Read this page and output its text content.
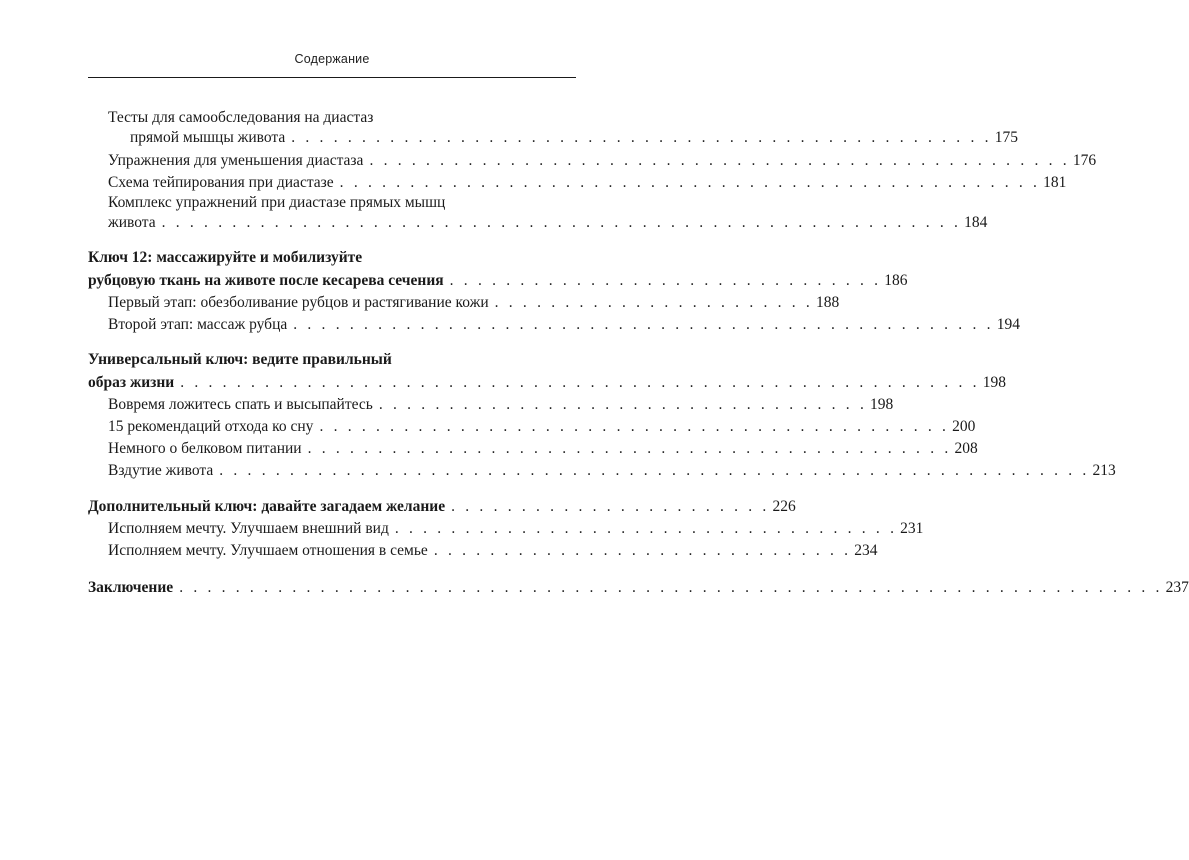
Содержание
Тесты для самообследования на диастаз
прямой мышцы живота . . . . . . . . . . . . . . . . . . . . . . . . . . . . . . . . . . . . . . . . . . . . . . . . . . 175
Упражнения для уменьшения диастаза . . . . . . . . . . . . . . . . . . . . . . . . . . . . . . . . . . . . . . . . . . . . . . . . . . 176
Схема тейпирования при диастазе . . . . . . . . . . . . . . . . . . . . . . . . . . . . . . . . . . . . . . . . . . . . . . . . . . 181
Комплекс упражнений при диастазе прямых мышц
живота . . . . . . . . . . . . . . . . . . . . . . . . . . . . . . . . . . . . . . . . . . . . . . . . . . . . . . . . . 184
Ключ 12: массажируйте и мобилизуйте
рубцовую ткань на животе после кесарева сечения . . . . . . . . . . . . . . . . . . . . . . . . . . . . . . . 186
Первый этап: обезболивание рубцов и растягивание кожи . . . . . . . . . . . . . . . . . . . . . . . 188
Второй этап: массаж рубца . . . . . . . . . . . . . . . . . . . . . . . . . . . . . . . . . . . . . . . . . . . . . . . . . . 194
Универсальный ключ: ведите правильный
образ жизни . . . . . . . . . . . . . . . . . . . . . . . . . . . . . . . . . . . . . . . . . . . . . . . . . . . . . . . . . 198
Вовремя ложитесь спать и высыпайтесь . . . . . . . . . . . . . . . . . . . . . . . . . . . . . . . . . . . 198
15 рекомендаций отхода ко сну . . . . . . . . . . . . . . . . . . . . . . . . . . . . . . . . . . . . . . . . . . . . . 200
Немного о белковом питании . . . . . . . . . . . . . . . . . . . . . . . . . . . . . . . . . . . . . . . . . . . . . . 208
Вздутие живота . . . . . . . . . . . . . . . . . . . . . . . . . . . . . . . . . . . . . . . . . . . . . . . . . . . . . . . . . . . . . . 213
Дополнительный ключ: давайте загадаем желание . . . . . . . . . . . . . . . . . . . . . . . 226
Исполняем мечту. Улучшаем внешний вид . . . . . . . . . . . . . . . . . . . . . . . . . . . . . . . . . . . . 231
Исполняем мечту. Улучшаем отношения в семье . . . . . . . . . . . . . . . . . . . . . . . . . . . . . . 234
Заключение . . . . . . . . . . . . . . . . . . . . . . . . . . . . . . . . . . . . . . . . . . . . . . . . . . . . . . . . . . . . . . . . . . . . . . 237
